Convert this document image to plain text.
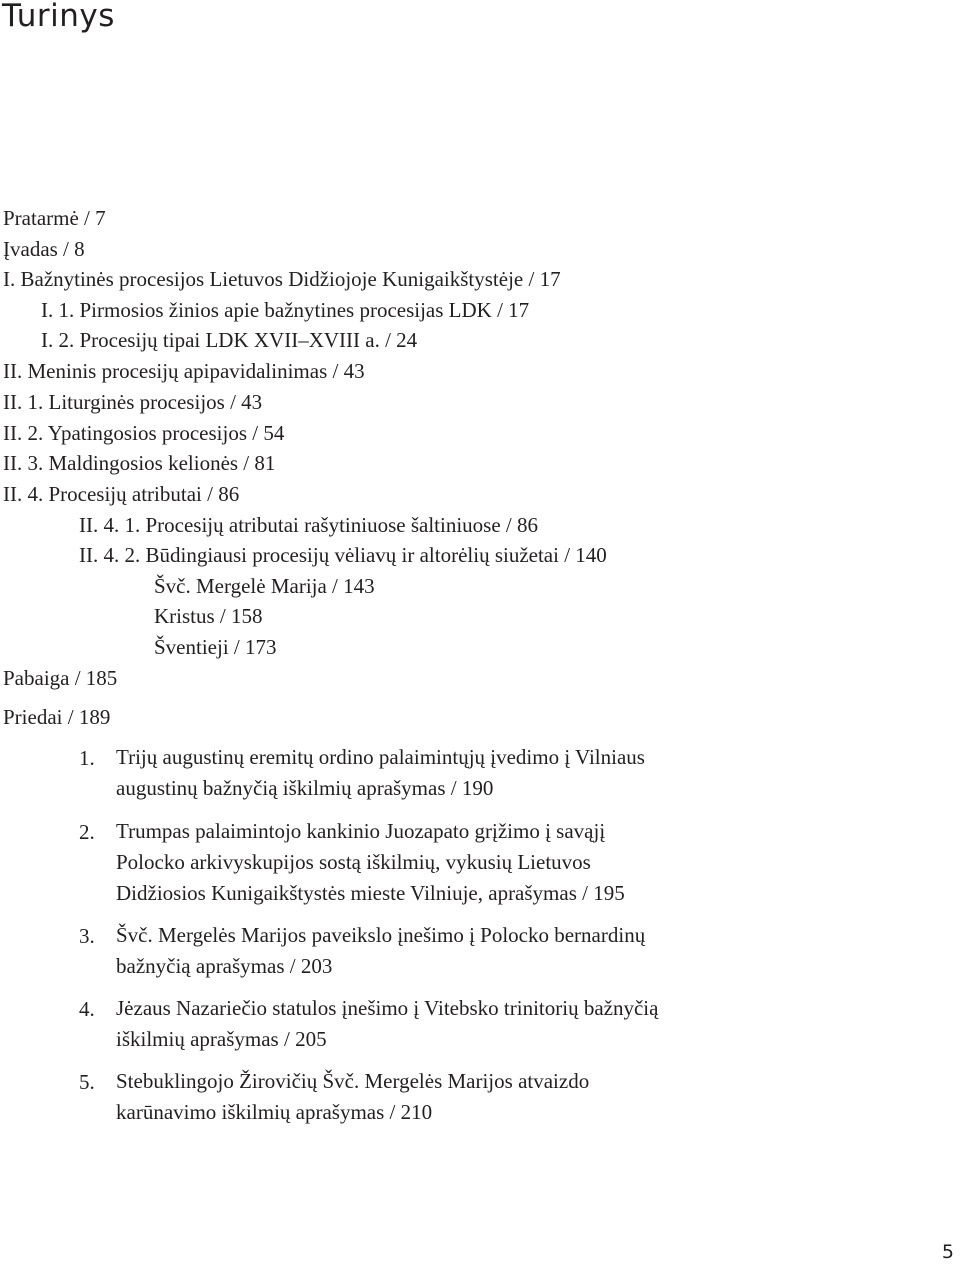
Turinys
Pratarmė / 7
Įvadas / 8
I. Bažnytinės procesijos Lietuvos Didžiojoje Kunigaikštystėje / 17
I. 1. Pirmosios žinios apie bažnytines procesijas LDK / 17
I. 2. Procesijų tipai LDK XVII–XVIII a. / 24
II. Meninis procesijų apipavidalinimas / 43
II. 1. Liturginės procesijos / 43
II. 2. Ypatingosios procesijos / 54
II. 3. Maldingosios kelionės / 81
II. 4. Procesijų atributai / 86
II. 4. 1. Procesijų atributai rašytiniuose šaltiniuose / 86
II. 4. 2. Būdingiausi procesijų vėliavų ir altorėlių siužetai / 140
Švč. Mergelė Marija / 143
Kristus / 158
Šventieji / 173
Pabaiga / 185
Priedai / 189
1. Trijų augustinų eremitų ordino palaimintųjų įvedimo į Vilniaus
augustinų bažnyčią iškilmių aprašymas / 190
2. Trumpas palaimintojo kankinio Juozapato grįžimo į savąjį
Polocko arkivyskupijos sostą iškilmių, vykusių Lietuvos
Didžiosios Kunigaikštystės mieste Vilniuje, aprašymas / 195
3. Švč. Mergelės Marijos paveikslo įnešimo į Polocko bernardinų
bažnyčią aprašymas / 203
4. Jėzaus Nazariečio statulos įnešimo į Vitebsko trinitorių bažnyčią
iškilmių aprašymas / 205
5. Stebuklingojo Žirovičių Švč. Mergelės Marijos atvaizdo
karūnavimo iškilmių aprašymas / 210
5
